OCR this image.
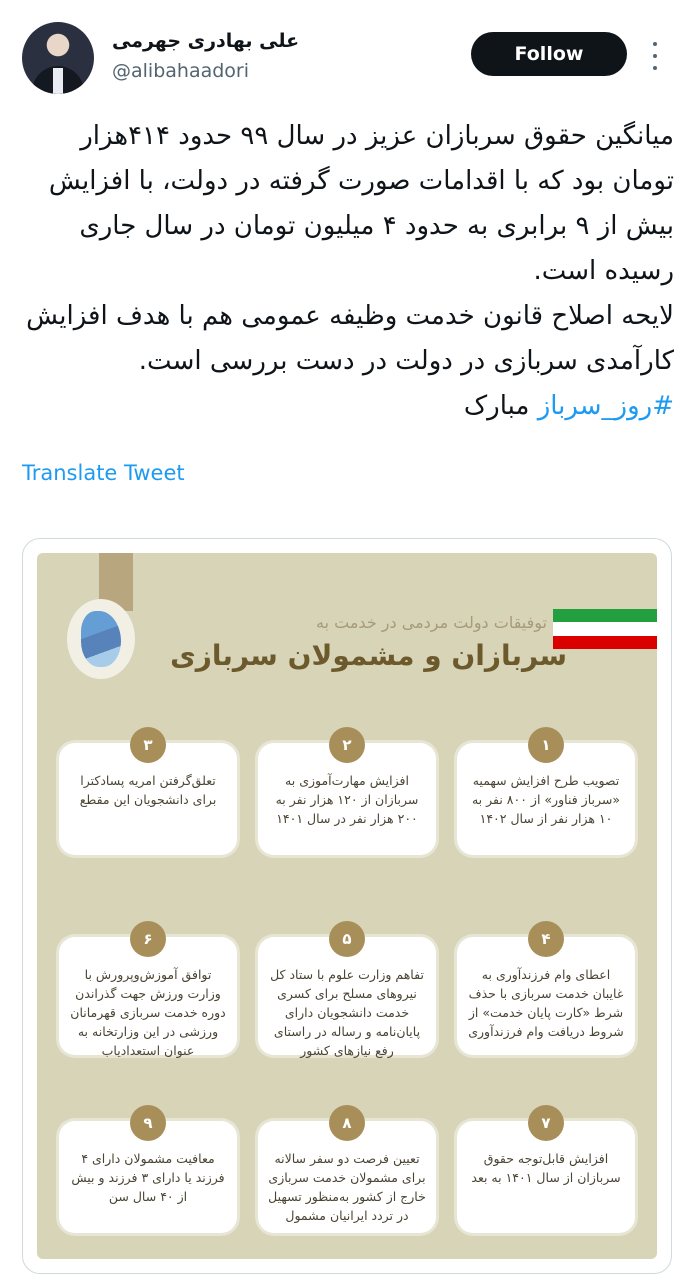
علی بهادری جهرمی
@alibahaadori
Follow

میانگین حقوق سربازان عزیز در سال ۹۹ حدود ۴۱۴هزار تومان بود که با اقدامات صورت گرفته در دولت، با افزایش بیش از ۹ برابری به حدود ۴ میلیون تومان در سال جاری رسیده است.

لایحه اصلاح قانون خدمت وظیفه عمومی هم با هدف افزایش کارآمدی سربازی در دولت در دست بررسی است.
#روز_سرباز مبارک

Translate Tweet
توفیقات دولت مردمی در خدمت به
سربازان و مشمولان سربازی
۱
تصویب طرح افزایش سهمیه «سرباز فناور» از ۸۰۰ نفر به ۱۰ هزار نفر از سال ۱۴۰۲
۲
افزایش مهارت‌آموزی به سربازان از ۱۲۰ هزار نفر به ۲۰۰ هزار نفر در سال ۱۴۰۱
۳
تعلق‌گرفتن امریه پسادکترا برای دانشجویان این مقطع
۴
اعطای وام فرزندآوری به غایبان خدمت سربازی با حذف شرط «کارت پایان خدمت» از شروط دریافت وام فرزندآوری
۵
تفاهم وزارت علوم با ستاد کل نیروهای مسلح برای کسری خدمت دانشجویان دارای پایان‌نامه و رساله در راستای رفع نیازهای کشور
۶
توافق آموزش‌وپرورش با وزارت ورزش جهت گذراندن دوره خدمت سربازی قهرمانان ورزشی در این وزارتخانه به عنوان استعدادیاب
۷
افزایش قابل‌توجه حقوق سربازان از سال ۱۴۰۱ به بعد
۸
تعیین فرصت دو سفر سالانه برای مشمولان خدمت سربازی خارج از کشور به‌منظور تسهیل در تردد ایرانیان مشمول
۹
معافیت مشمولان دارای ۴ فرزند یا دارای ۳ فرزند و بیش از ۴۰ سال سن
